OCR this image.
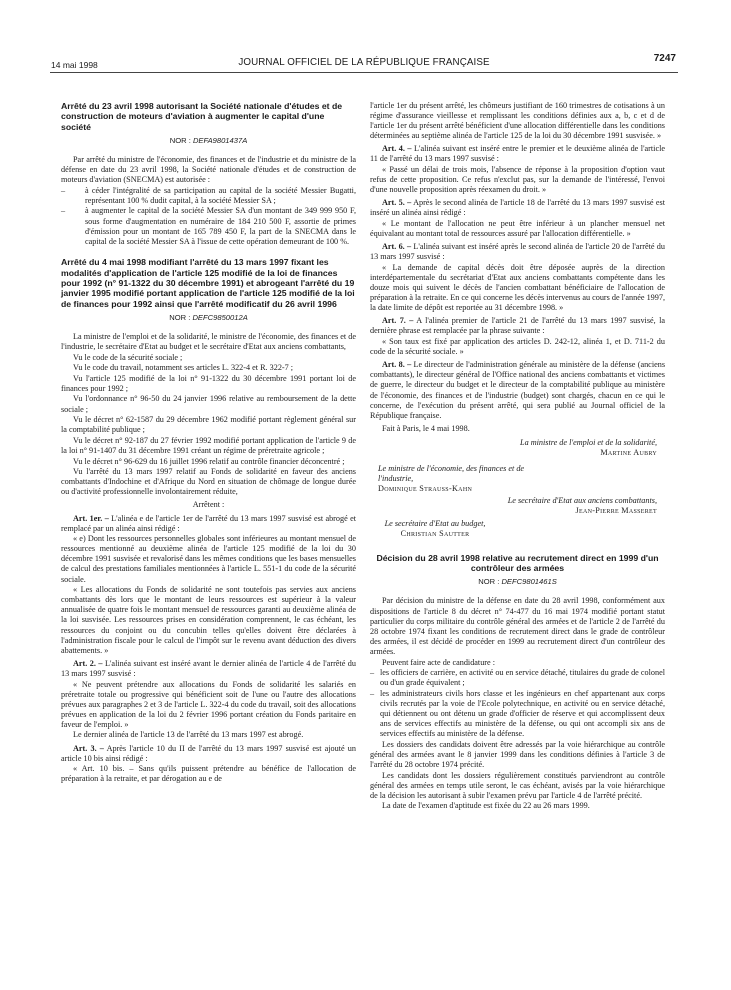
14 mai 1998	JOURNAL OFFICIEL DE LA RÉPUBLIQUE FRANÇAISE	7247
Arrêté du 23 avril 1998 autorisant la Société nationale d'études et de construction de moteurs d'aviation à augmenter le capital d'une société
NOR : DEFA9801437A

Par arrêté du ministre de l'économie, des finances et de l'industrie et du ministre de la défense en date du 23 avril 1998, la Société nationale d'études et de construction de moteurs d'aviation (SNECMA) est autorisée :

– à céder l'intégralité de sa participation au capital de la société Messier Bugatti, représentant 100 % dudit capital, à la société Messier SA ;

– à augmenter le capital de la société Messier SA d'un montant de 349 999 950 F, sous forme d'augmentation en numéraire de 184 210 500 F, assortie de primes d'émission pour un montant de 165 789 450 F, la part de la SNECMA dans le capital de la société Messier SA à l'issue de cette opération demeurant de 100 %.

Arrêté du 4 mai 1998 modifiant l'arrêté du 13 mars 1997 fixant les modalités d'application de l'article 125 modifié de la loi de finances pour 1992 (n° 91-1322 du 30 décembre 1991) et abrogeant l'arrêté du 19 janvier 1995 modifié portant application de l'article 125 modifié de la loi de finances pour 1992 ainsi que l'arrêté modificatif du 26 avril 1996
NOR : DEFC9850012A

La ministre de l'emploi et de la solidarité, le ministre de l'économie, des finances et de l'industrie, le secrétaire d'Etat au budget et le secrétaire d'Etat aux anciens combattants,

Vu le code de la sécurité sociale ;

Vu le code du travail, notamment ses articles L. 322-4 et R. 322-7 ;

Vu l'article 125 modifié de la loi n° 91-1322 du 30 décembre 1991 portant loi de finances pour 1992 ;

Vu l'ordonnance n° 96-50 du 24 janvier 1996 relative au remboursement de la dette sociale ;

Vu le décret n° 62-1587 du 29 décembre 1962 modifié portant règlement général sur la comptabilité publique ;

Vu le décret n° 92-187 du 27 février 1992 modifié portant application de l'article 9 de la loi n° 91-1407 du 31 décembre 1991 créant un régime de préretraite agricole ;

Vu le décret n° 96-629 du 16 juillet 1996 relatif au contrôle financier déconcentré ;

Vu l'arrêté du 13 mars 1997 relatif au Fonds de solidarité en faveur des anciens combattants d'Indochine et d'Afrique du Nord en situation de chômage de longue durée ou d'activité professionnelle involontairement réduite,

Arrêtent :

Art. 1er. – L'alinéa e de l'article 1er de l'arrêté du 13 mars 1997 susvisé est abrogé et remplacé par un alinéa ainsi rédigé :

« e) Dont les ressources personnelles globales sont inférieures au montant mensuel de ressources mentionné au deuxième alinéa de l'article 125 modifié de la loi du 30 décembre 1991 susvisée et revalorisé dans les mêmes conditions que les bases mensuelles de calcul des prestations familiales mentionnées à l'article L. 551-1 du code de la sécurité sociale.

« Les allocations du Fonds de solidarité ne sont toutefois pas servies aux anciens combattants dès lors que le montant de leurs ressources est supérieur à la valeur annualisée de quatre fois le montant mensuel de ressources garanti au deuxième alinéa de la loi susvisée. Les ressources prises en considération comprennent, le cas échéant, les ressources du conjoint ou du concubin telles qu'elles doivent être déclarées à l'administration fiscale pour le calcul de l'impôt sur le revenu avant déduction des divers abattements. »

Art. 2. – L'alinéa suivant est inséré avant le dernier alinéa de l'article 4 de l'arrêté du 13 mars 1997 susvisé :

« Ne peuvent prétendre aux allocations du Fonds de solidarité les salariés en préretraite totale ou progressive qui bénéficient soit de l'une ou l'autre des allocations prévues aux paragraphes 2 et 3 de l'article L. 322-4 du code du travail, soit des allocations prévues en application de la loi du 2 février 1996 portant création du Fonds paritaire en faveur de l'emploi. »

Le dernier alinéa de l'article 13 de l'arrêté du 13 mars 1997 est abrogé.

Art. 3. – Après l'article 10 du II de l'arrêté du 13 mars 1997 susvisé est ajouté un article 10 bis ainsi rédigé :

« Art. 10 bis. – Sans qu'ils puissent prétendre au bénéfice de l'allocation de préparation à la retraite, et par dérogation au e de

l'article 1er du présent arrêté, les chômeurs justifiant de 160 trimestres de cotisations à un régime d'assurance vieillesse et remplissant les conditions définies aux a, b, c et d de l'article 1er du présent arrêté bénéficient d'une allocation différentielle dans les conditions déterminées au septième alinéa de l'article 125 de la loi du 30 décembre 1991 susvisée. »

Art. 4. – L'alinéa suivant est inséré entre le premier et le deuxième alinéa de l'article 11 de l'arrêté du 13 mars 1997 susvisé :

« Passé un délai de trois mois, l'absence de réponse à la proposition d'option vaut refus de cette proposition. Ce refus n'exclut pas, sur la demande de l'intéressé, l'envoi d'une nouvelle proposition après réexamen du droit. »

Art. 5. – Après le second alinéa de l'article 18 de l'arrêté du 13 mars 1997 susvisé est inséré un alinéa ainsi rédigé :

« Le montant de l'allocation ne peut être inférieur à un plancher mensuel net équivalant au montant total de ressources assuré par l'allocation différentielle. »

Art. 6. – L'alinéa suivant est inséré après le second alinéa de l'article 20 de l'arrêté du 13 mars 1997 susvisé :

« La demande de capital décès doit être déposée auprès de la direction interdépartementale du secrétariat d'Etat aux anciens combattants compétente dans les douze mois qui suivent le décès de l'ancien combattant bénéficiaire de l'allocation de préparation à la retraite. En ce qui concerne les décès intervenus au cours de l'année 1997, la date limite de dépôt est reportée au 31 décembre 1998. »

Art. 7. – A l'alinéa premier de l'article 21 de l'arrêté du 13 mars 1997 susvisé, la dernière phrase est remplacée par la phrase suivante :

« Son taux est fixé par application des articles D. 242-12, alinéa 1, et D. 711-2 du code de la sécurité sociale. »

Art. 8. – Le directeur de l'administration générale au ministère de la défense (anciens combattants), le directeur général de l'Office national des anciens combattants et victimes de guerre, le directeur du budget et le directeur de la comptabilité publique au ministère de l'économie, des finances et de l'industrie (budget) sont chargés, chacun en ce qui le concerne, de l'exécution du présent arrêté, qui sera publié au Journal officiel de la République française.

Fait à Paris, le 4 mai 1998.

La ministre de l'emploi et de la solidarité,
Martine Aubry
Le ministre de l'économie, des finances et de l'industrie,
Dominique Strauss-Kahn
Le secrétaire d'Etat aux anciens combattants,
Jean-Pierre Masseret
Le secrétaire d'Etat au budget,
Christian Sautter
Décision du 28 avril 1998 relative au recrutement direct en 1999 d'un contrôleur des armées
NOR : DEFC9801461S

Par décision du ministre de la défense en date du 28 avril 1998, conformément aux dispositions de l'article 8 du décret n° 74-477 du 16 mai 1974 modifié portant statut particulier du corps militaire du contrôle général des armées et de l'article 2 de l'arrêté du 28 octobre 1974 fixant les conditions de recrutement direct dans le grade de contrôleur des armées, il est décidé de procéder en 1999 au recrutement direct d'un contrôleur des armées.

Peuvent faire acte de candidature :

– les officiers de carrière, en activité ou en service détaché, titulaires du grade de colonel ou d'un grade équivalent ;

– les administrateurs civils hors classe et les ingénieurs en chef appartenant aux corps civils recrutés par la voie de l'Ecole polytechnique, en activité ou en service détaché, qui détiennent ou ont détenu un grade d'officier de réserve et qui accomplissent deux ans de services effectifs au ministère de la défense, ou qui ont accompli six ans de services effectifs au ministère de la défense.

Les dossiers des candidats doivent être adressés par la voie hiérarchique au contrôle général des armées avant le 8 janvier 1999 dans les conditions définies à l'article 3 de l'arrêté du 28 octobre 1974 précité.

Les candidats dont les dossiers régulièrement constitués parviendront au contrôle général des armées en temps utile seront, le cas échéant, avisés par la voie hiérarchique de la décision les autorisant à subir l'examen prévu par l'article 4 de l'arrêté précité.

La date de l'examen d'aptitude est fixée du 22 au 26 mars 1999.
